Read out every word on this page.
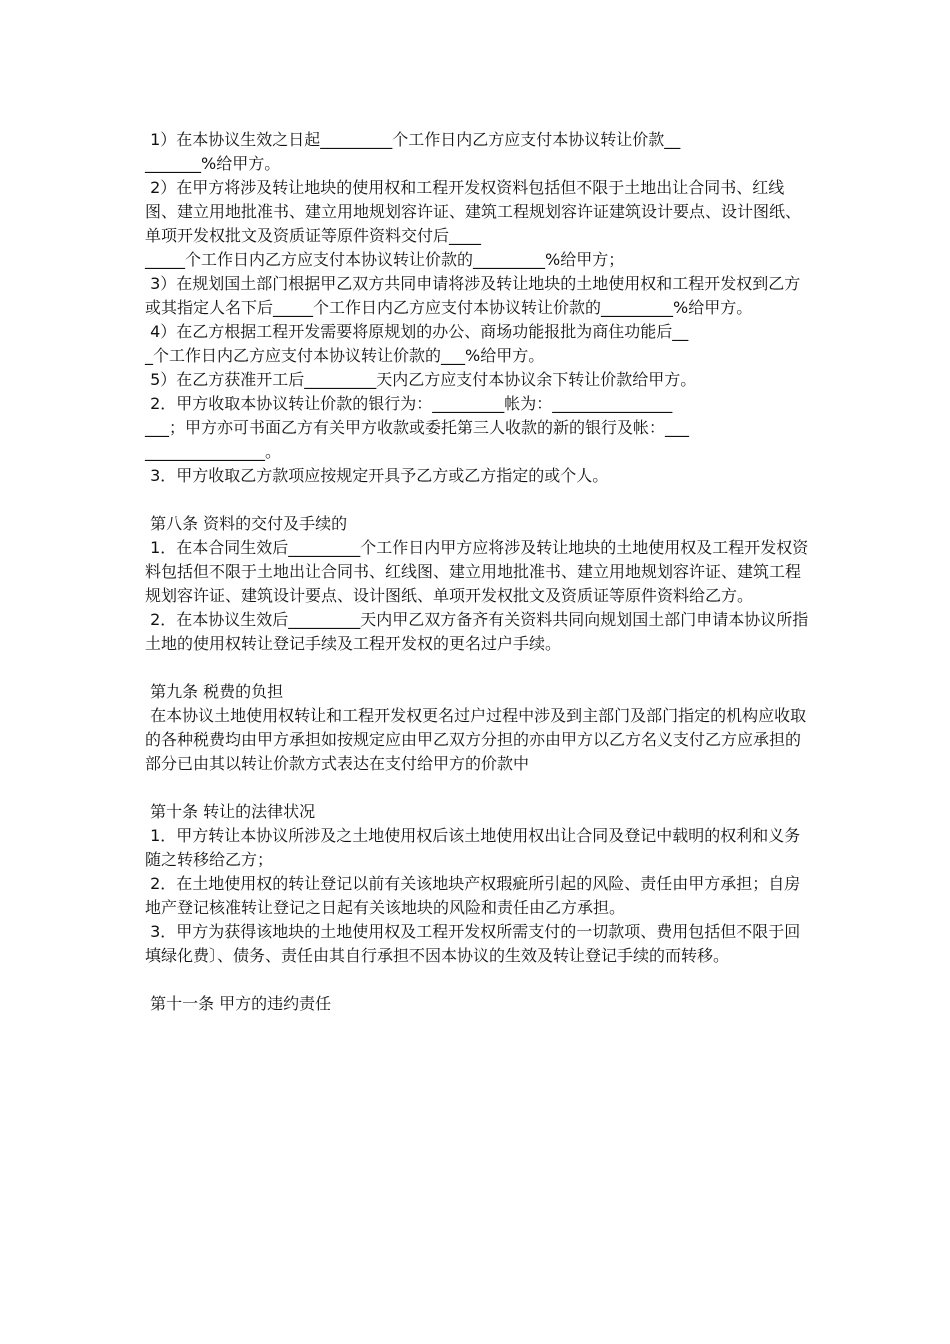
1）在本协议生效之日起_________个工作日内乙方应支付本协议转让价款__
_______%给甲方。

2）在甲方将涉及转让地块的使用权和工程开发权资料包括但不限于土地出让合同书、红线图、建立用地批准书、建立用地规划容许证、建筑工程规划容许证建筑设计要点、设计图纸、单项开发权批文及资质证等原件资料交付后____
_____个工作日内乙方应支付本协议转让价款的_________%给甲方；

3）在规划国土部门根据甲乙双方共同申请将涉及转让地块的土地使用权和工程开发权到乙方或其指定人名下后_____个工作日内乙方应支付本协议转让价款的_________%给甲方。

4）在乙方根据工程开发需要将原规划的办公、商场功能报批为商住功能后__
_个工作日内乙方应支付本协议转让价款的___%给甲方。

5）在乙方获准开工后_________天内乙方应支付本协议余下转让价款给甲方。

2．甲方收取本协议转让价款的银行为：_________帐为：_______________
___；甲方亦可书面乙方有关甲方收款或委托第三人收款的新的银行及帐：___
_______________。

3．甲方收取乙方款项应按规定开具予乙方或乙方指定的或个人。

第八条 资料的交付及手续的

1．在本合同生效后_________个工作日内甲方应将涉及转让地块的土地使用权及工程开发权资料包括但不限于土地出让合同书、红线图、建立用地批准书、建立用地规划容许证、建筑工程规划容许证、建筑设计要点、设计图纸、单项开发权批文及资质证等原件资料给乙方。

2．在本协议生效后_________天内甲乙双方备齐有关资料共同向规划国土部门申请本协议所指土地的使用权转让登记手续及工程开发权的更名过户手续。

第九条 税费的负担

在本协议土地使用权转让和工程开发权更名过户过程中涉及到主部门及部门指定的机构应收取的各种税费均由甲方承担如按规定应由甲乙双方分担的亦由甲方以乙方名义支付乙方应承担的部分已由其以转让价款方式表达在支付给甲方的价款中

第十条 转让的法律状况

1．甲方转让本协议所涉及之土地使用权后该土地使用权出让合同及登记中载明的权利和义务随之转移给乙方；

2．在土地使用权的转让登记以前有关该地块产权瑕疵所引起的风险、责任由甲方承担；自房地产登记核准转让登记之日起有关该地块的风险和责任由乙方承担。

3．甲方为获得该地块的土地使用权及工程开发权所需支付的一切款项、费用包括但不限于回填绿化费〕、债务、责任由其自行承担不因本协议的生效及转让登记手续的而转移。

第十一条 甲方的违约责任
